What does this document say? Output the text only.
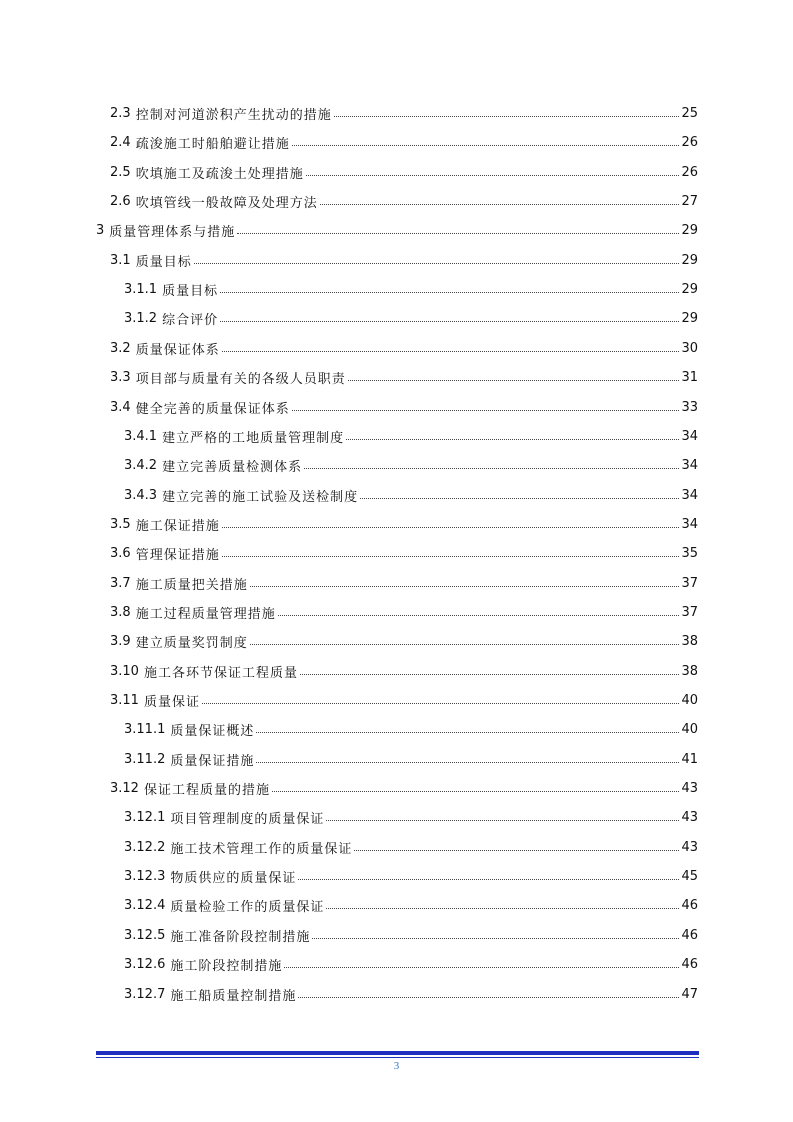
2.3 控制对河道淤积产生扰动的措施	25
2.4 疏浚施工时船舶避让措施	26
2.5 吹填施工及疏浚土处理措施	26
2.6 吹填管线一般故障及处理方法	27
3 质量管理体系与措施	29
3.1 质量目标	29
3.1.1 质量目标	29
3.1.2 综合评价	29
3.2 质量保证体系	30
3.3 项目部与质量有关的各级人员职责	31
3.4 健全完善的质量保证体系	33
3.4.1 建立严格的工地质量管理制度	34
3.4.2 建立完善质量检测体系	34
3.4.3 建立完善的施工试验及送检制度	34
3.5 施工保证措施	34
3.6 管理保证措施	35
3.7 施工质量把关措施	37
3.8 施工过程质量管理措施	37
3.9 建立质量奖罚制度	38
3.10 施工各环节保证工程质量	38
3.11 质量保证	40
3.11.1 质量保证概述	40
3.11.2 质量保证措施	41
3.12 保证工程质量的措施	43
3.12.1 项目管理制度的质量保证	43
3.12.2 施工技术管理工作的质量保证	43
3.12.3 物质供应的质量保证	45
3.12.4 质量检验工作的质量保证	46
3.12.5 施工准备阶段控制措施	46
3.12.6 施工阶段控制措施	46
3.12.7 施工船质量控制措施	47
3
